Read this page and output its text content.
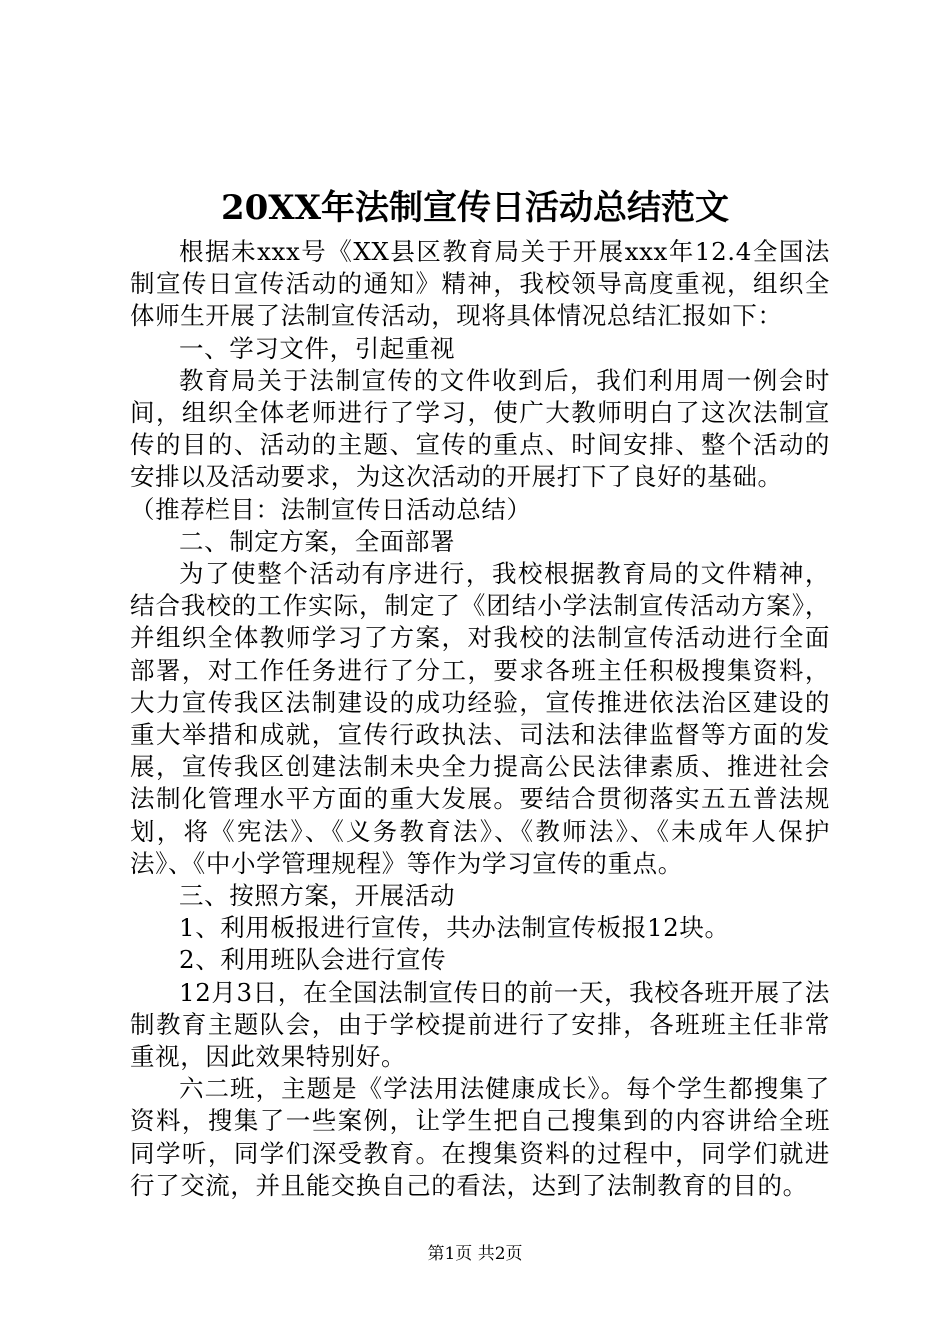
20XX年法制宣传日活动总结范文

根据未xxx号《XX县区教育局关于开展xxx年12.4全国法制宣传日宣传活动的通知》精神，我校领导高度重视，组织全体师生开展了法制宣传活动，现将具体情况总结汇报如下：

一、学习文件，引起重视

教育局关于法制宣传的文件收到后，我们利用周一例会时间，组织全体老师进行了学习，使广大教师明白了这次法制宣传的目的、活动的主题、宣传的重点、时间安排、整个活动的安排以及活动要求，为这次活动的开展打下了良好的基础。

（推荐栏目：法制宣传日活动总结）

二、制定方案，全面部署

为了使整个活动有序进行，我校根据教育局的文件精神，结合我校的工作实际，制定了《团结小学法制宣传活动方案》，并组织全体教师学习了方案，对我校的法制宣传活动进行全面部署，对工作任务进行了分工，要求各班主任积极搜集资料，大力宣传我区法制建设的成功经验，宣传推进依法治区建设的重大举措和成就，宣传行政执法、司法和法律监督等方面的发展，宣传我区创建法制未央全力提高公民法律素质、推进社会法制化管理水平方面的重大发展。要结合贯彻落实五五普法规划，将《宪法》、《义务教育法》、《教师法》、《未成年人保护法》、《中小学管理规程》等作为学习宣传的重点。

三、按照方案，开展活动

1、利用板报进行宣传，共办法制宣传板报12块。

2、利用班队会进行宣传

12月3日，在全国法制宣传日的前一天，我校各班开展了法制教育主题队会，由于学校提前进行了安排，各班班主任非常重视，因此效果特别好。

六二班，主题是《学法用法健康成长》。每个学生都搜集了资料，搜集了一些案例，让学生把自己搜集到的内容讲给全班同学听，同学们深受教育。在搜集资料的过程中，同学们就进行了交流，并且能交换自己的看法，达到了法制教育的目的。

第1页 共2页
